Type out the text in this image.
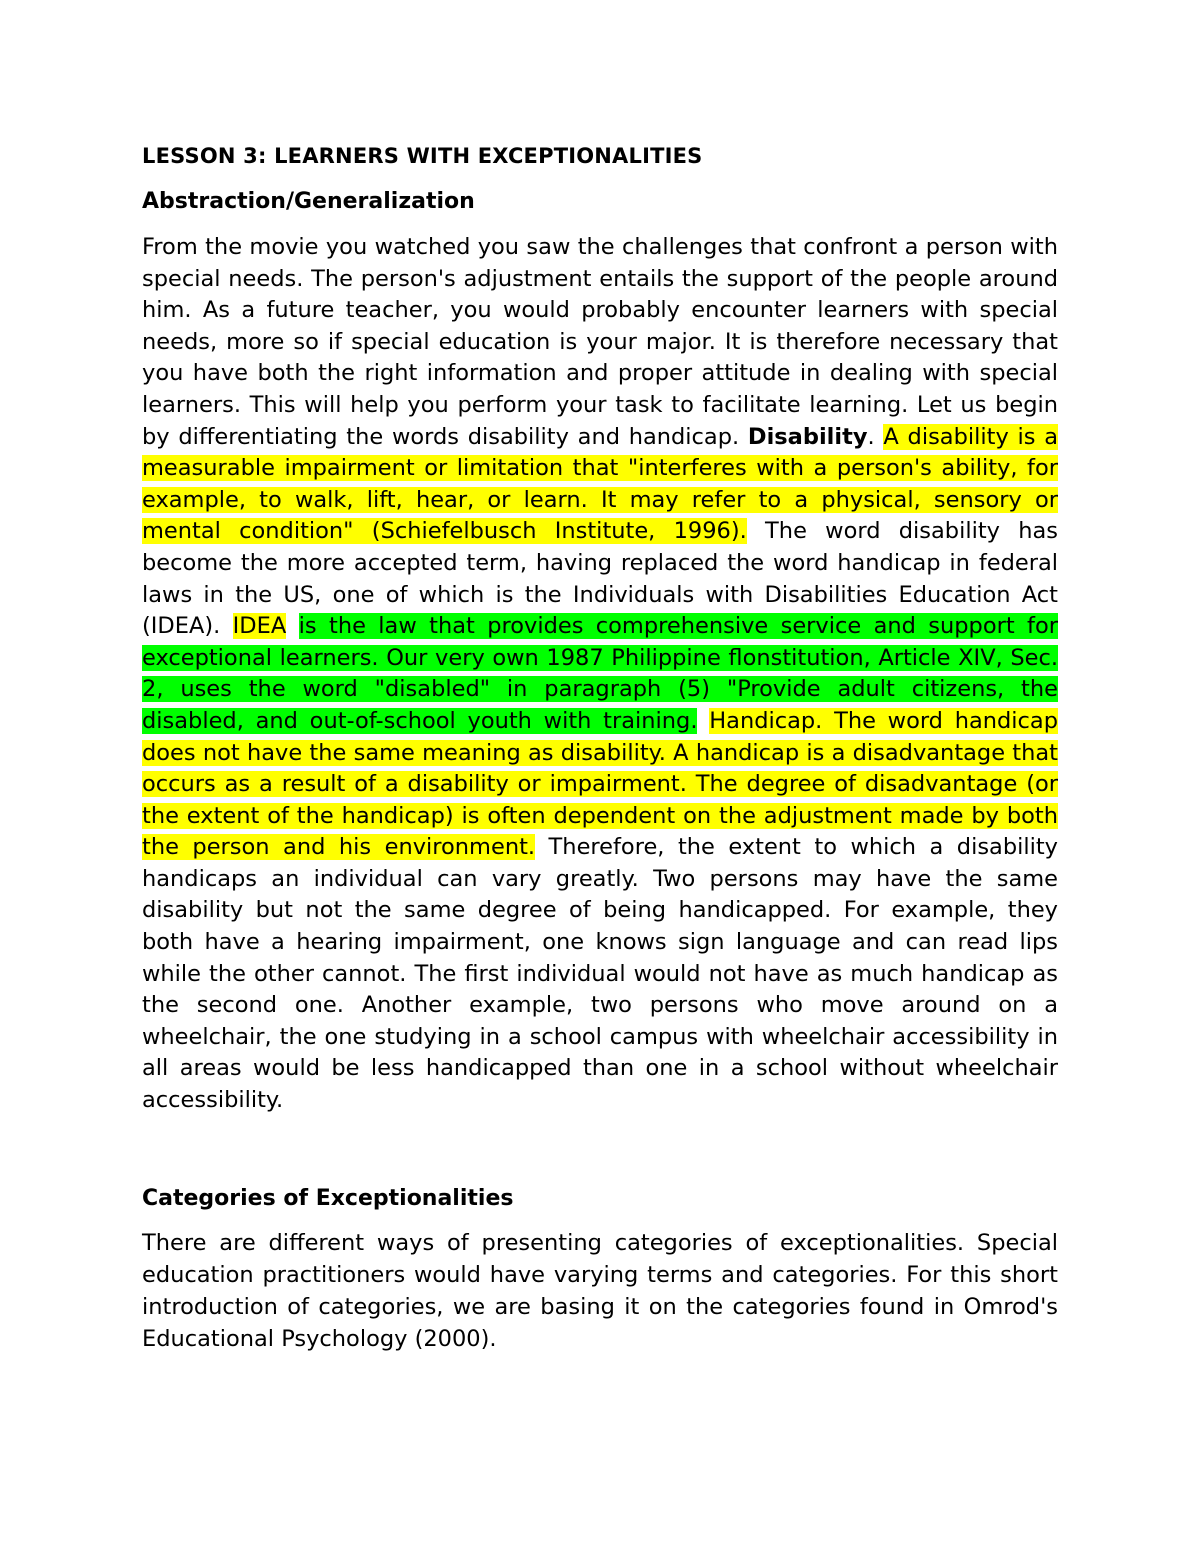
LESSON 3: LEARNERS WITH EXCEPTIONALITIES
Abstraction/Generalization

From the movie you watched you saw the challenges that confront a person with special needs. The person's adjustment entails the support of the people around him. As a future teacher, you would probably encounter learners with special needs, more so if special education is your major. It is therefore necessary that you have both the right information and proper attitude in dealing with special learners. This will help you perform your task to facilitate learning. Let us begin by differentiating the words disability and handicap. Disability. A disability is a measurable impairment or limitation that "interferes with a person's ability, for example, to walk, lift, hear, or learn. It may refer to a physical, sensory or mental condition" (Schiefelbusch Institute, 1996). The word disability has become the more accepted term, having replaced the word handicap in federal laws in the US, one of which is the Individuals with Disabilities Education Act (IDEA). IDEA is the law that provides comprehensive service and support for exceptional learners. Our very own 1987 Philippine flonstitution, Article XIV, Sec. 2, uses the word "disabled" in paragraph (5) "Provide adult citizens, the disabled, and out-of-school youth with training. Handicap. The word handicap does not have the same meaning as disability. A handicap is a disadvantage that occurs as a result of a disability or impairment. The degree of disadvantage (or the extent of the handicap) is often dependent on the adjustment made by both the person and his environment. Therefore, the extent to which a disability handicaps an individual can vary greatly. Two persons may have the same disability but not the same degree of being handicapped. For example, they both have a hearing impairment, one knows sign language and can read lips while the other cannot. The first individual would not have as much handicap as the second one. Another example, two persons who move around on a wheelchair, the one studying in a school campus with wheelchair accessibility in all areas would be less handicapped than one in a school without wheelchair accessibility.

Categories of Exceptionalities

There are different ways of presenting categories of exceptionalities. Special education practitioners would have varying terms and categories. For this short introduction of categories, we are basing it on the categories found in Omrod's Educational Psychology (2000).
